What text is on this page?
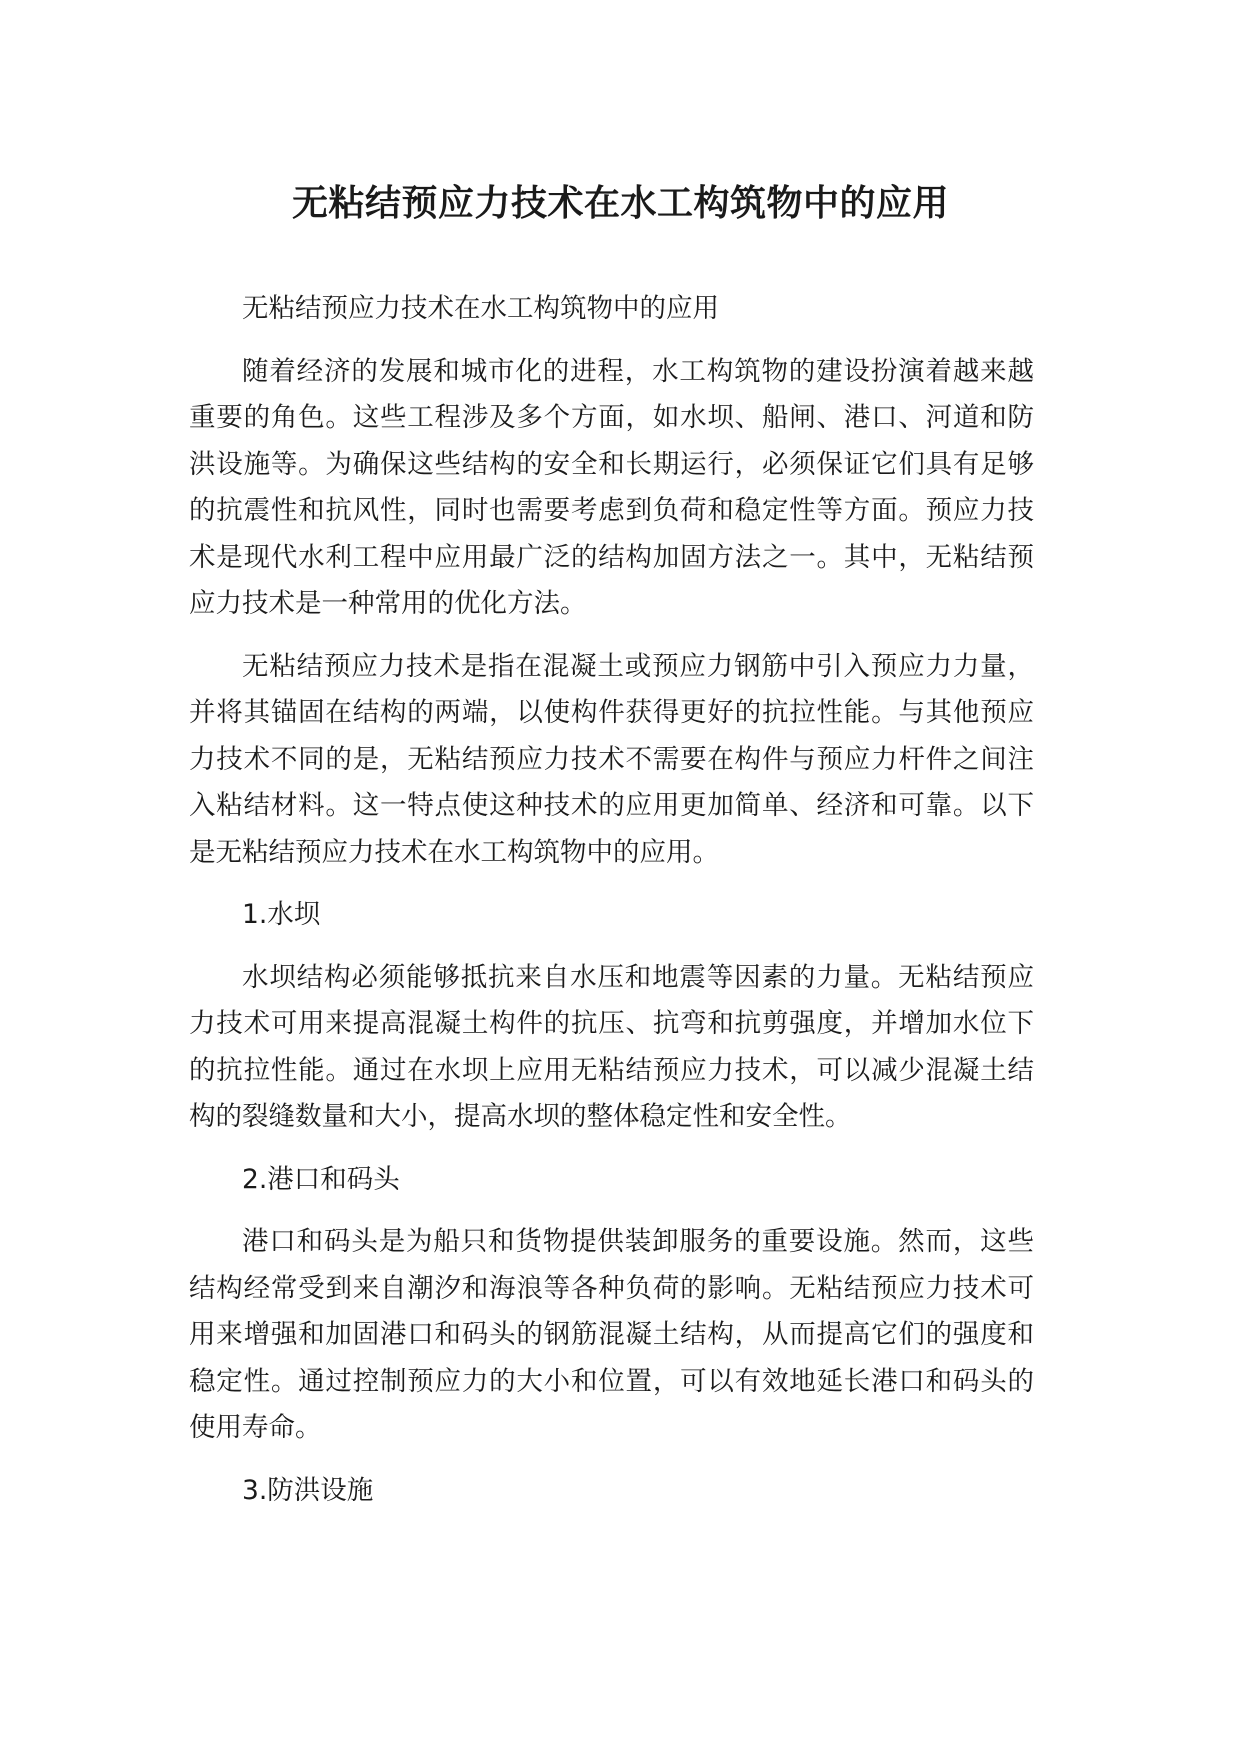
无粘结预应力技术在水工构筑物中的应用

无粘结预应力技术在水工构筑物中的应用

随着经济的发展和城市化的进程，水工构筑物的建设扮演着越来越重要的角色。这些工程涉及多个方面，如水坝、船闸、港口、河道和防洪设施等。为确保这些结构的安全和长期运行，必须保证它们具有足够的抗震性和抗风性，同时也需要考虑到负荷和稳定性等方面。预应力技术是现代水利工程中应用最广泛的结构加固方法之一。其中，无粘结预应力技术是一种常用的优化方法。

无粘结预应力技术是指在混凝土或预应力钢筋中引入预应力力量，并将其锚固在结构的两端，以使构件获得更好的抗拉性能。与其他预应力技术不同的是，无粘结预应力技术不需要在构件与预应力杆件之间注入粘结材料。这一特点使这种技术的应用更加简单、经济和可靠。以下是无粘结预应力技术在水工构筑物中的应用。

1.水坝

水坝结构必须能够抵抗来自水压和地震等因素的力量。无粘结预应力技术可用来提高混凝土构件的抗压、抗弯和抗剪强度，并增加水位下的抗拉性能。通过在水坝上应用无粘结预应力技术，可以减少混凝土结构的裂缝数量和大小，提高水坝的整体稳定性和安全性。

2.港口和码头

港口和码头是为船只和货物提供装卸服务的重要设施。然而，这些结构经常受到来自潮汐和海浪等各种负荷的影响。无粘结预应力技术可用来增强和加固港口和码头的钢筋混凝土结构，从而提高它们的强度和稳定性。通过控制预应力的大小和位置，可以有效地延长港口和码头的使用寿命。

3.防洪设施
